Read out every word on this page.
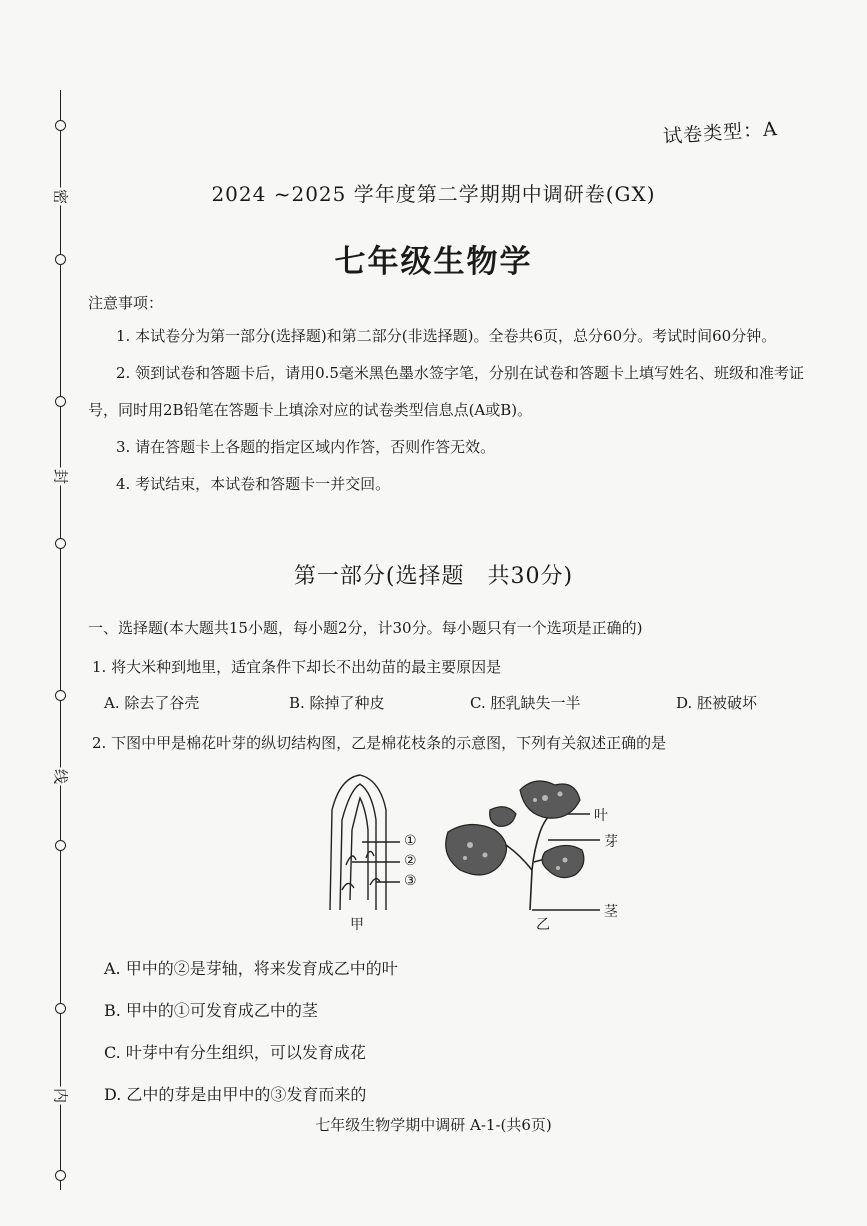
密
封
线
内
试卷类型：A
2024 ~2025 学年度第二学期期中调研卷(GX)
七年级生物学
注意事项：

1. 本试卷分为第一部分(选择题)和第二部分(非选择题)。全卷共6页，总分60分。考试时间60分钟。

2. 领到试卷和答题卡后，请用0.5毫米黑色墨水签字笔，分别在试卷和答题卡上填写姓名、班级和准考证号，同时用2B铅笔在答题卡上填涂对应的试卷类型信息点(A或B)。

3. 请在答题卡上各题的指定区域内作答，否则作答无效。

4. 考试结束，本试卷和答题卡一并交回。

第一部分(选择题　共30分)
一、选择题(本大题共15小题，每小题2分，计30分。每小题只有一个选项是正确的)
1. 将大米种到地里，适宜条件下却长不出幼苗的最主要原因是
A. 除去了谷壳	B. 除掉了种皮	C. 胚乳缺失一半	D. 胚被破坏
2. 下图中甲是棉花叶芽的纵切结构图，乙是棉花枝条的示意图，下列有关叙述正确的是
①
②
③
甲	乙
叶
芽
茎
A. 甲中的②是芽轴，将来发育成乙中的叶
B. 甲中的①可发育成乙中的茎
C. 叶芽中有分生组织，可以发育成花
D. 乙中的芽是由甲中的③发育而来的
七年级生物学期中调研 A-1-(共6页)
